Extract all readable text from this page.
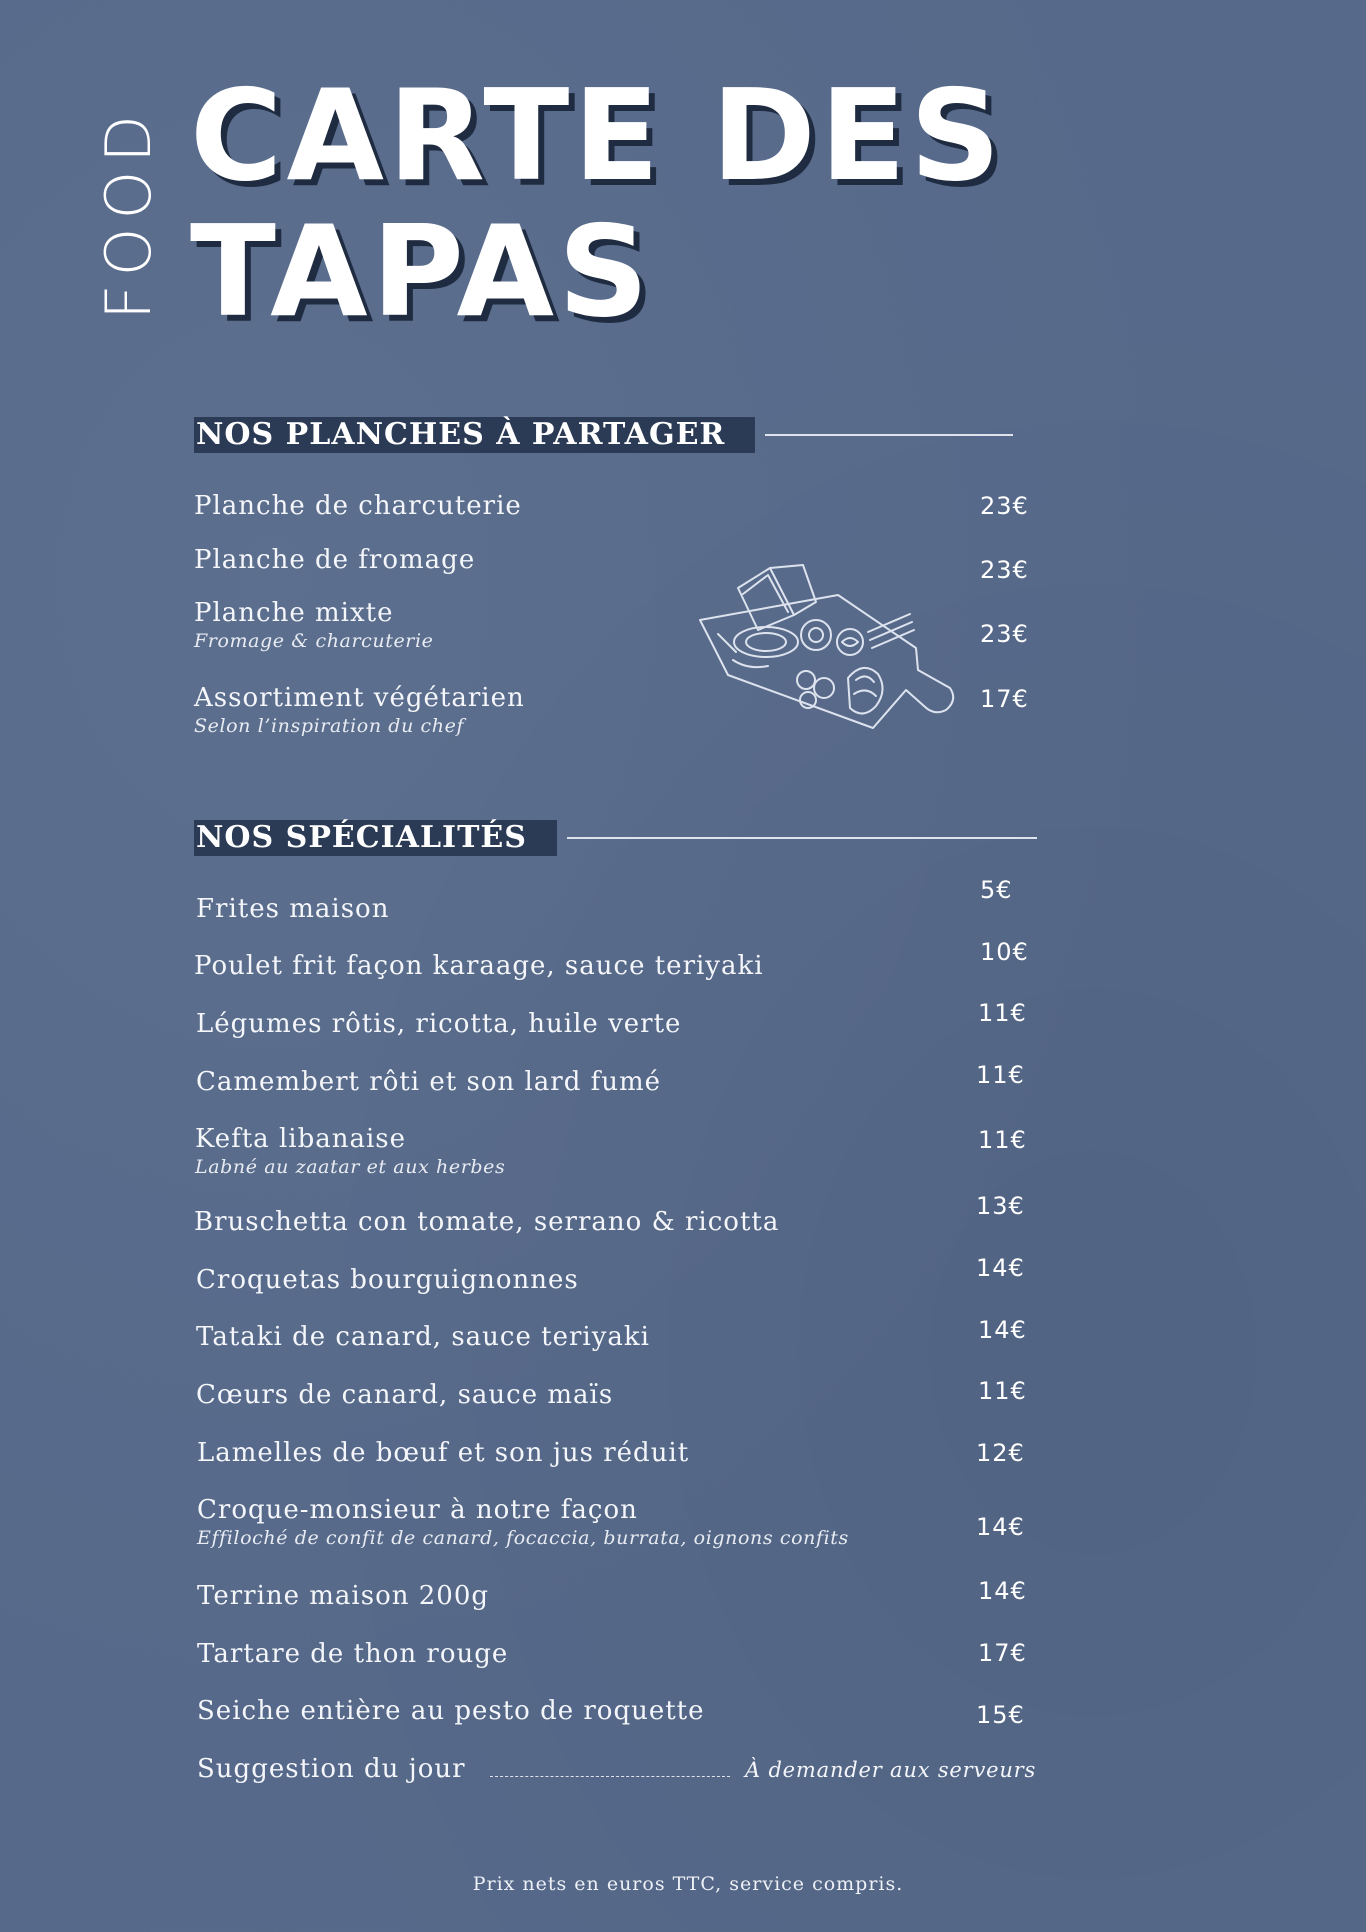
FOOD CARTE DES
TAPAS
NOS PLANCHES À PARTAGER
Planche de charcuterie	23€
Planche de fromage	23€
Planche mixte
Fromage & charcuterie	23€
Assortiment végétarien
Selon l’inspiration du chef
17€
NOS SPÉCIALITÉS
Frites maison
5€
Poulet frit façon karaage, sauce teriyaki	10€
Légumes rôtis, ricotta, huile verte	11€
Camembert rôti et son lard fumé	11€
Kefta libanaise
Labné au zaatar et aux herbes
11€
Bruschetta con tomate, serrano & ricotta
13€
Croquetas bourguignonnes	14€
Tataki de canard, sauce teriyaki	14€
Cœurs de canard, sauce maïs	11€
Lamelles de bœuf et son jus réduit	12€
Croque-monsieur à notre façon
Effiloché de confit de canard, focaccia, burrata, oignons confits	14€
Terrine maison 200g	14€
Tartare de thon rouge	17€
Seiche entière au pesto de roquette	15€
Suggestion du jour	À demander aux serveurs
Prix nets en euros TTC, service compris.
